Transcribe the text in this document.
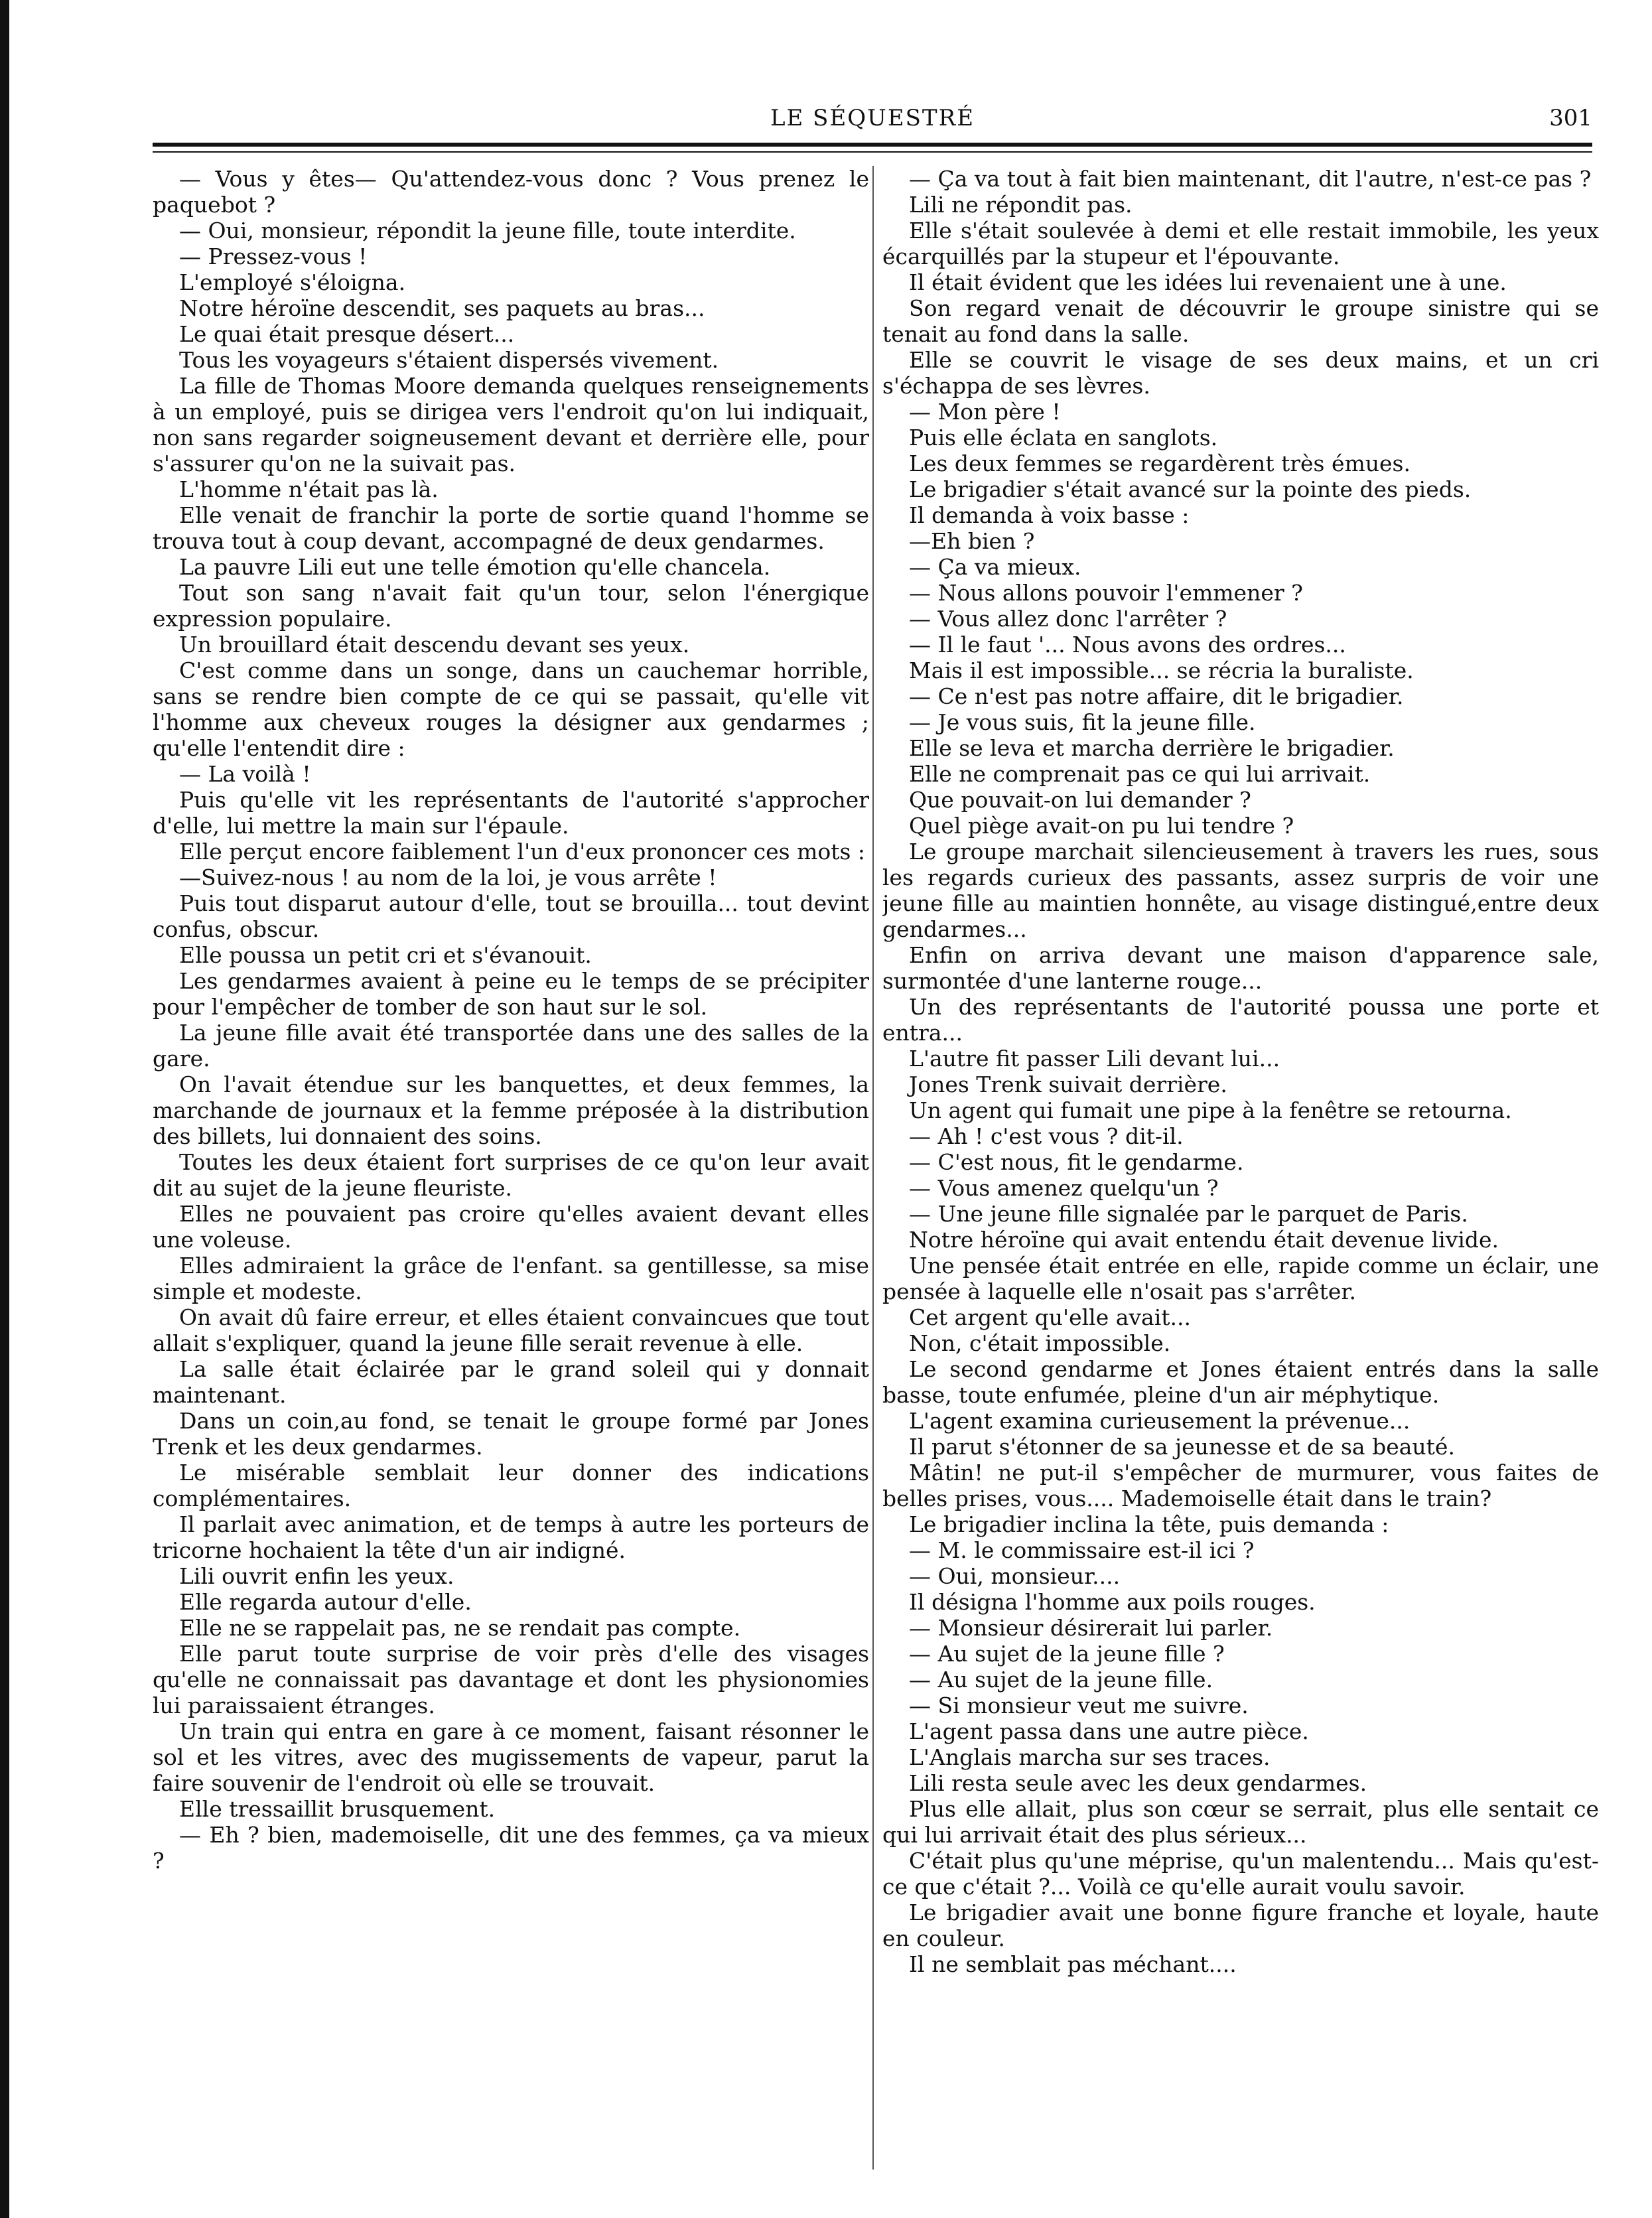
LE SÉQUESTRÉ	301

— Vous y êtes— Qu'attendez-vous donc ? Vous prenez le paquebot ?

— Oui, monsieur, répondit la jeune fille, toute interdite.

— Pressez-vous !

L'employé s'éloigna.

Notre héroïne descendit, ses paquets au bras...

Le quai était presque désert...

Tous les voyageurs s'étaient dispersés vivement.

La fille de Thomas Moore demanda quelques renseignements à un employé, puis se dirigea vers l'endroit qu'on lui indiquait, non sans regarder soigneusement devant et derrière elle, pour s'assurer qu'on ne la suivait pas.

L'homme n'était pas là.

Elle venait de franchir la porte de sortie quand l'homme se trouva tout à coup devant, accompagné de deux gendarmes.

La pauvre Lili eut une telle émotion qu'elle chancela.

Tout son sang n'avait fait qu'un tour, selon l'énergique expression populaire.

Un brouillard était descendu devant ses yeux.

C'est comme dans un songe, dans un cauchemar horrible, sans se rendre bien compte de ce qui se passait, qu'elle vit l'homme aux cheveux rouges la désigner aux gendarmes ; qu'elle l'entendit dire :

— La voilà !

Puis qu'elle vit les représentants de l'autorité s'approcher d'elle, lui mettre la main sur l'épaule.

Elle perçut encore faiblement l'un d'eux prononcer ces mots :

—Suivez-nous ! au nom de la loi, je vous arrête !

Puis tout disparut autour d'elle, tout se brouilla... tout devint confus, obscur.

Elle poussa un petit cri et s'évanouit.

Les gendarmes avaient à peine eu le temps de se précipiter pour l'empêcher de tomber de son haut sur le sol.

La jeune fille avait été transportée dans une des salles de la gare.

On l'avait étendue sur les banquettes, et deux femmes, la marchande de journaux et la femme préposée à la distribution des billets, lui donnaient des soins.

Toutes les deux étaient fort surprises de ce qu'on leur avait dit au sujet de la jeune fleuriste.

Elles ne pouvaient pas croire qu'elles avaient devant elles une voleuse.

Elles admiraient la grâce de l'enfant. sa gentillesse, sa mise simple et modeste.

On avait dû faire erreur, et elles étaient convaincues que tout allait s'expliquer, quand la jeune fille serait revenue à elle.

La salle était éclairée par le grand soleil qui y donnait maintenant.

Dans un coin,au fond, se tenait le groupe formé par Jones Trenk et les deux gendarmes.

Le misérable semblait leur donner des indications complémentaires.

Il parlait avec animation, et de temps à autre les porteurs de tricorne hochaient la tête d'un air indigné.

Lili ouvrit enfin les yeux.

Elle regarda autour d'elle.

Elle ne se rappelait pas, ne se rendait pas compte.

Elle parut toute surprise de voir près d'elle des visages qu'elle ne connaissait pas davantage et dont les physionomies lui paraissaient étranges.

Un train qui entra en gare à ce moment, faisant résonner le sol et les vitres, avec des mugissements de vapeur, parut la faire souvenir de l'endroit où elle se trouvait.

Elle tressaillit brusquement.

— Eh ? bien, mademoiselle, dit une des femmes, ça va mieux ?

— Ça va tout à fait bien maintenant, dit l'autre, n'est-ce pas ?

Lili ne répondit pas.

Elle s'était soulevée à demi et elle restait immobile, les yeux écarquillés par la stupeur et l'épouvante.

Il était évident que les idées lui revenaient une à une.

Son regard venait de découvrir le groupe sinistre qui se tenait au fond dans la salle.

Elle se couvrit le visage de ses deux mains, et un cri s'échappa de ses lèvres.

— Mon père !

Puis elle éclata en sanglots.

Les deux femmes se regardèrent très émues.

Le brigadier s'était avancé sur la pointe des pieds.

Il demanda à voix basse :

—Eh bien ?

— Ça va mieux.

— Nous allons pouvoir l'emmener ?

— Vous allez donc l'arrêter ?

— Il le faut '... Nous avons des ordres...

Mais il est impossible... se récria la buraliste.

— Ce n'est pas notre affaire, dit le brigadier.

— Je vous suis, fit la jeune fille.

Elle se leva et marcha derrière le brigadier.

Elle ne comprenait pas ce qui lui arrivait.

Que pouvait-on lui demander ?

Quel piège avait-on pu lui tendre ?

Le groupe marchait silencieusement à travers les rues, sous les regards curieux des passants, assez surpris de voir une jeune fille au maintien honnête, au visage distingué,entre deux gendarmes...

Enfin on arriva devant une maison d'apparence sale, surmontée d'une lanterne rouge...

Un des représentants de l'autorité poussa une porte et entra...

L'autre fit passer Lili devant lui...

Jones Trenk suivait derrière.

Un agent qui fumait une pipe à la fenêtre se retourna.

— Ah ! c'est vous ? dit-il.

— C'est nous, fit le gendarme.

— Vous amenez quelqu'un ?

— Une jeune fille signalée par le parquet de Paris.

Notre héroïne qui avait entendu était devenue livide.

Une pensée était entrée en elle, rapide comme un éclair, une pensée à laquelle elle n'osait pas s'arrêter.

Cet argent qu'elle avait...

Non, c'était impossible.

Le second gendarme et Jones étaient entrés dans la salle basse, toute enfumée, pleine d'un air méphytique.

L'agent examina curieusement la prévenue...

Il parut s'étonner de sa jeunesse et de sa beauté.

Mâtin! ne put-il s'empêcher de murmurer, vous faites de belles prises, vous.... Mademoiselle était dans le train?

Le brigadier inclina la tête, puis demanda :

— M. le commissaire est-il ici ?

— Oui, monsieur....

Il désigna l'homme aux poils rouges.

— Monsieur désirerait lui parler.

— Au sujet de la jeune fille ?

— Au sujet de la jeune fille.

— Si monsieur veut me suivre.

L'agent passa dans une autre pièce.

L'Anglais marcha sur ses traces.

Lili resta seule avec les deux gendarmes.

Plus elle allait, plus son cœur se serrait, plus elle sentait ce qui lui arrivait était des plus sérieux...

C'était plus qu'une méprise, qu'un malentendu... Mais qu'est-ce que c'était ?... Voilà ce qu'elle aurait voulu savoir.

Le brigadier avait une bonne figure franche et loyale, haute en couleur.

Il ne semblait pas méchant....
